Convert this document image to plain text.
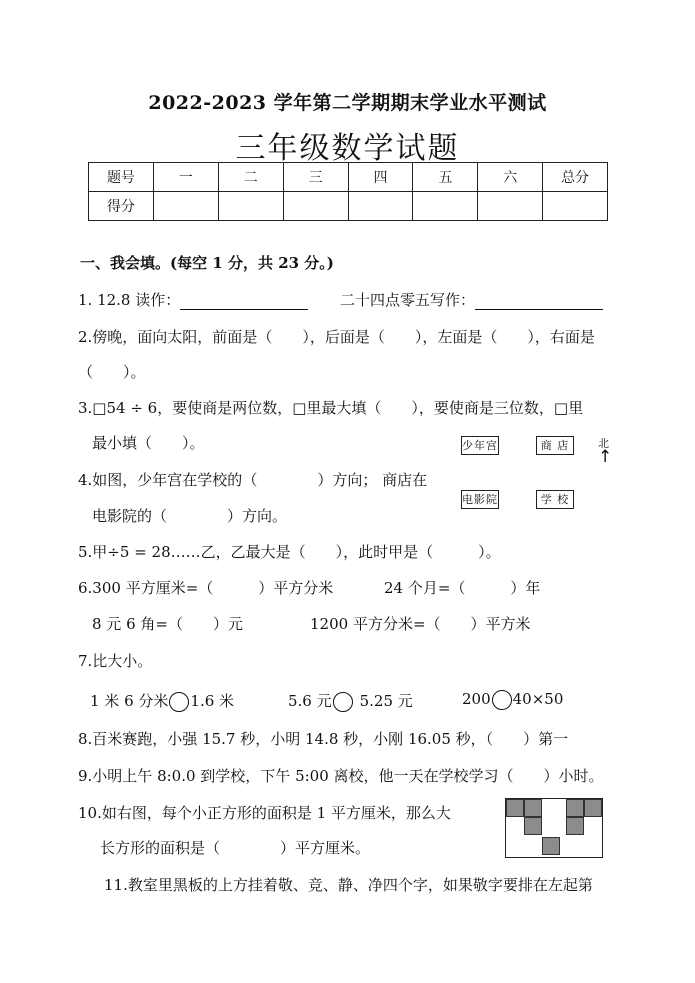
2022-2023 学年第二学期期末学业水平测试
三年级数学试题
题号	一	二	三	四	五	六	总分
得分							
一、我会填。(每空 1 分，共 23 分。)
1. 12.8 读作：	二十四点零五写作：
2.傍晚，面向太阳，前面是（　　），后面是（　　），左面是（　　），右面是
（　　）。
3.□54 ÷ 6，要使商是两位数，□里最大填（　　），要使商是三位数，□里
最小填（　　）。
4.如图，少年宫在学校的（　　　　）方向； 商店在
电影院的（　　　　）方向。
少年宫	商 店
电影院	学 校
北
↑
5.甲÷5 = 28……乙，乙最大是（　　），此时甲是（　　　）。
6.300 平方厘米=（　　　）平方分米	24 个月=（　　　）年
8 元 6 角=（　　）元	1200 平方分米=（　　）平方米
7.比大小。
1 米 6 分米 1.6 米	5.6 元 5.25 元	200 40×50
8.百米赛跑，小强 15.7 秒，小明 14.8 秒，小刚 16.05 秒，（　　）第一
9.小明上午 8:0.0 到学校，下午 5:00 离校，他一天在学校学习（　　）小时。
10.如右图，每个小正方形的面积是 1 平方厘米，那么大
长方形的面积是（　　　　）平方厘米。
11.教室里黑板的上方挂着敬、竞、静、净四个字，如果敬字要排在左起第
